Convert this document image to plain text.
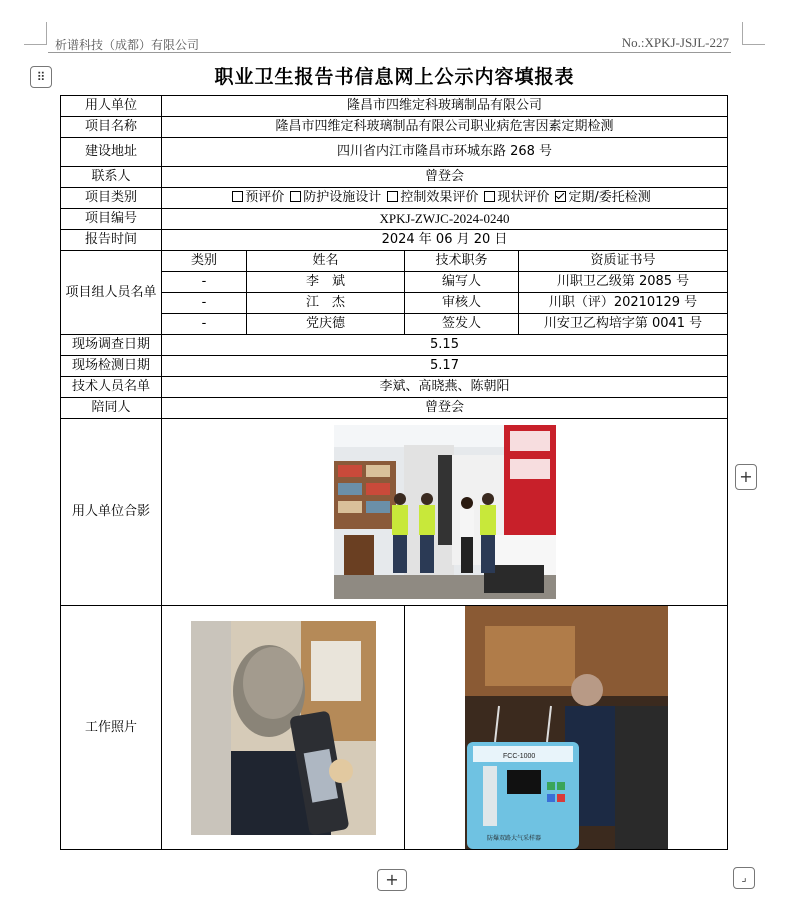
析谱科技（成都）有限公司	No.:XPKJ-JSJL-227
⠿	职业卫生报告书信息网上公示内容填报表
用人单位	隆昌市四维定科玻璃制品有限公司			
项目名称	隆昌市四维定科玻璃制品有限公司职业病危害因素定期检测			
建设地址	四川省内江市隆昌市环城东路 268 号			
联系人	曾登会			
项目类别	预评价 防护设施设计 控制效果评价 现状评价 定期/委托检测			
项目编号	XPKJ-ZWJC-2024-0240			
报告时间	2024 年 06 月 20 日			
项目组人员名单	类别	姓名	技术职务	资质证书号
	-	李　斌	编写人	川职卫乙级第 2085 号
	-	江　杰	审核人	川职（评）20210129 号
	-	党庆德	签发人	川安卫乙构培字第 0041 号
现场调查日期	5.15			
现场检测日期	5.17			
技术人员名单	李斌、高晓燕、陈朝阳			
陪同人	曾登会			
用人单位合影	
工作照片			FCC-1000
防爆双路大气采样器	
+
+	⌟
